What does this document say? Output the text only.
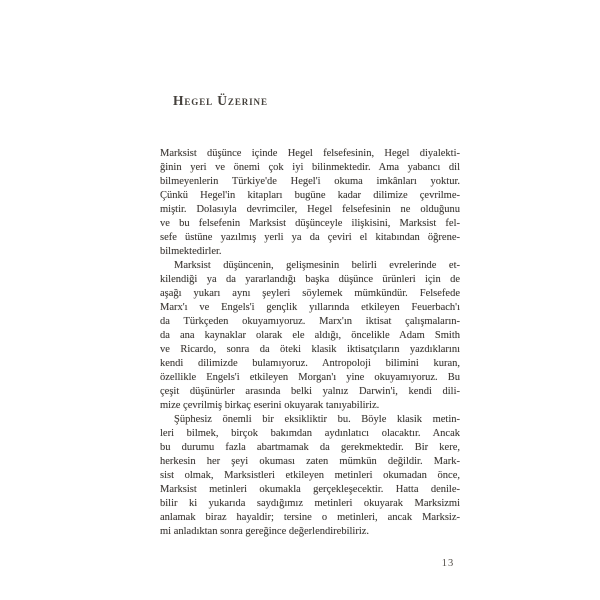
Hegel Üzerine
Marksist düşünce içinde Hegel felsefesinin, Hegel diyalekti-
ğinin yeri ve önemi çok iyi bilinmektedir. Ama yabancı dil
bilmeyenlerin Türkiye'de Hegel'i okuma imkânları yoktur.
Çünkü Hegel'in kitapları bugüne kadar dilimize çevrilme-
miştir. Dolasıyla devrimciler, Hegel felsefesinin ne olduğunu
ve bu felsefenin Marksist düşünceyle ilişkisini, Marksist fel-
sefe üstüne yazılmış yerli ya da çeviri el kitabından öğrene-
bilmektedirler.
Marksist düşüncenin, gelişmesinin belirli evrelerinde et-
kilendiği ya da yararlandığı başka düşünce ürünleri için de
aşağı yukarı aynı şeyleri söylemek mümkündür. Felsefede
Marx'ı ve Engels'i gençlik yıllarında etkileyen Feuerbach'ı
da Türkçeden okuyamıyoruz. Marx'ın iktisat çalışmaların-
da ana kaynaklar olarak ele aldığı, öncelikle Adam Smith
ve Ricardo, sonra da öteki klasik iktisatçıların yazdıklarını
kendi dilimizde bulamıyoruz. Antropoloji bilimini kuran,
özellikle Engels'i etkileyen Morgan'ı yine okuyamıyoruz. Bu
çeşit düşünürler arasında belki yalnız Darwin'i, kendi dili-
mize çevrilmiş birkaç eserini okuyarak tanıyabiliriz.
Şüphesiz önemli bir eksikliktir bu. Böyle klasik metin-
leri bilmek, birçok bakımdan aydınlatıcı olacaktır. Ancak
bu durumu fazla abartmamak da gerekmektedir. Bir kere,
herkesin her şeyi okuması zaten mümkün değildir. Mark-
sist olmak, Marksistleri etkileyen metinleri okumadan önce,
Marksist metinleri okumakla gerçekleşecektir. Hatta denile-
bilir ki yukarıda saydığımız metinleri okuyarak Marksizmi
anlamak biraz hayaldir; tersine o metinleri, ancak Marksiz-
mi anladıktan sonra gereğince değerlendirebiliriz.
13
